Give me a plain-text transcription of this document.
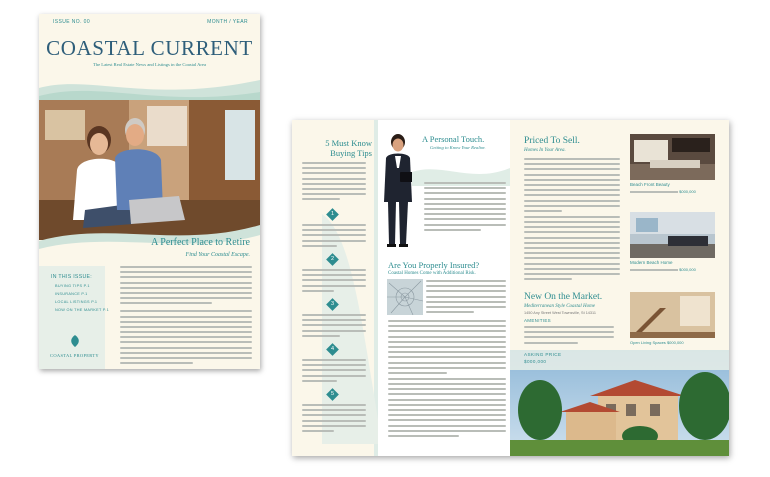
ISSUE NO. 00	MONTH / YEAR
COASTAL CURRENT
The Latest Real Estate News and Listings in the Coastal Area
A Perfect Place to Retire
Find Your Coastal Escape.
IN THIS ISSUE:
BUYING TIPS P.1
INSURANCE P.1
LOCAL LISTINGS P.1
NOW ON THE MARKET P.1
COASTAL PROPERTY
5 Must Know
Buying Tips
1
2
3
4
5
A Personal Touch.
Getting to Know Your Realtor.
Are You Properly Insured?
Coastal Homes Come with Additional Risk.
Priced To Sell.
Homes In Your Area.
Beach Front Beauty
$000,000
Modern Beach Home
$000,000
Open Living Spaces $000,000
New On the Market.
Mediterranean Style Coastal Home
1450 Any Street West Townsville, St 14311
AMENITIES
ASKING PRICE
$000,000
